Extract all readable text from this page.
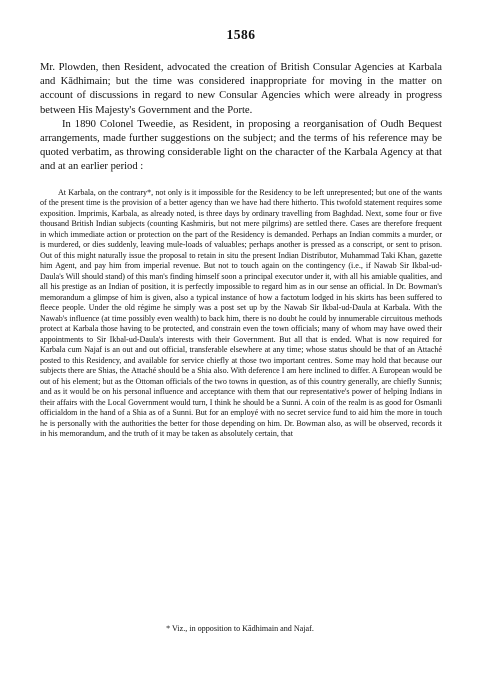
1586

Mr. Plowden, then Resident, advocated the creation of British Consular Agencies at Karbala and Kādhimain; but the time was considered inappropriate for moving in the matter on account of discussions in regard to new Consular Agencies which were already in progress between His Majesty's Government and the Porte.

In 1890 Colonel Tweedie, as Resident, in proposing a reorganisation of Oudh Bequest arrangements, made further suggestions on the subject; and the terms of his reference may be quoted verbatim, as throwing considerable light on the character of the Karbala Agency at that and at an earlier period :

At Karbala, on the contrary*, not only is it impossible for the Residency to be left unrepresented; but one of the wants of the present time is the provision of a better agency than we have had there hitherto. This twofold statement requires some exposition. Imprimis, Karbala, as already noted, is three days by ordinary travelling from Baghdad. Next, some four or five thousand British Indian subjects (counting Kashmiris, but not mere pilgrims) are settled there. Cases are therefore frequent in which immediate action or protection on the part of the Residency is demanded. Perhaps an Indian commits a murder, or is murdered, or dies suddenly, leaving mule-loads of valuables; perhaps another is pressed as a conscript, or sent to prison. Out of this might naturally issue the proposal to retain in situ the present Indian Distributor, Muhammad Taki Khan, gazette him Agent, and pay him from imperial revenue. But not to touch again on the contingency (i.e., if Nawab Sir Ikbal-ud-Daula's Will should stand) of this man's finding himself soon a principal executor under it, with all his amiable qualities, and all his prestige as an Indian of position, it is perfectly impossible to regard him as in our sense an official. In Dr. Bowman's memorandum a glimpse of him is given, also a typical instance of how a factotum lodged in his skirts has been suffered to fleece people. Under the old régime he simply was a post set up by the Nawab Sir Ikbal-ud-Daula at Karbala. With the Nawab's influence (at time possibly even wealth) to back him, there is no doubt he could by innumerable circuitous methods protect at Karbala those having to be protected, and constrain even the town officials; many of whom may have owed their appointments to Sir Ikbal-ud-Daula's interests with their Government. But all that is ended. What is now required for Karbala cum Najaf is an out and out official, transferable elsewhere at any time; whose status should be that of an Attaché posted to this Residency, and available for service chiefly at those two important centres. Some may hold that because our subjects there are Shias, the Attaché should be a Shia also. With deference I am here inclined to differ. A European would be out of his element; but as the Ottoman officials of the two towns in question, as of this country generally, are chiefly Sunnis; and as it would be on his personal influence and acceptance with them that our representative's power of helping Indians in their affairs with the Local Government would turn, I think he should be a Sunni. A coin of the realm is as good for Osmanli officialdom in the hand of a Shia as of a Sunni. But for an employé with no secret service fund to aid him the more in touch he is personally with the authorities the better for those depending on him. Dr. Bowman also, as will be observed, records it in his memorandum, and the truth of it may be taken as absolutely certain, that

* Viz., in opposition to Kādhimain and Najaf.
